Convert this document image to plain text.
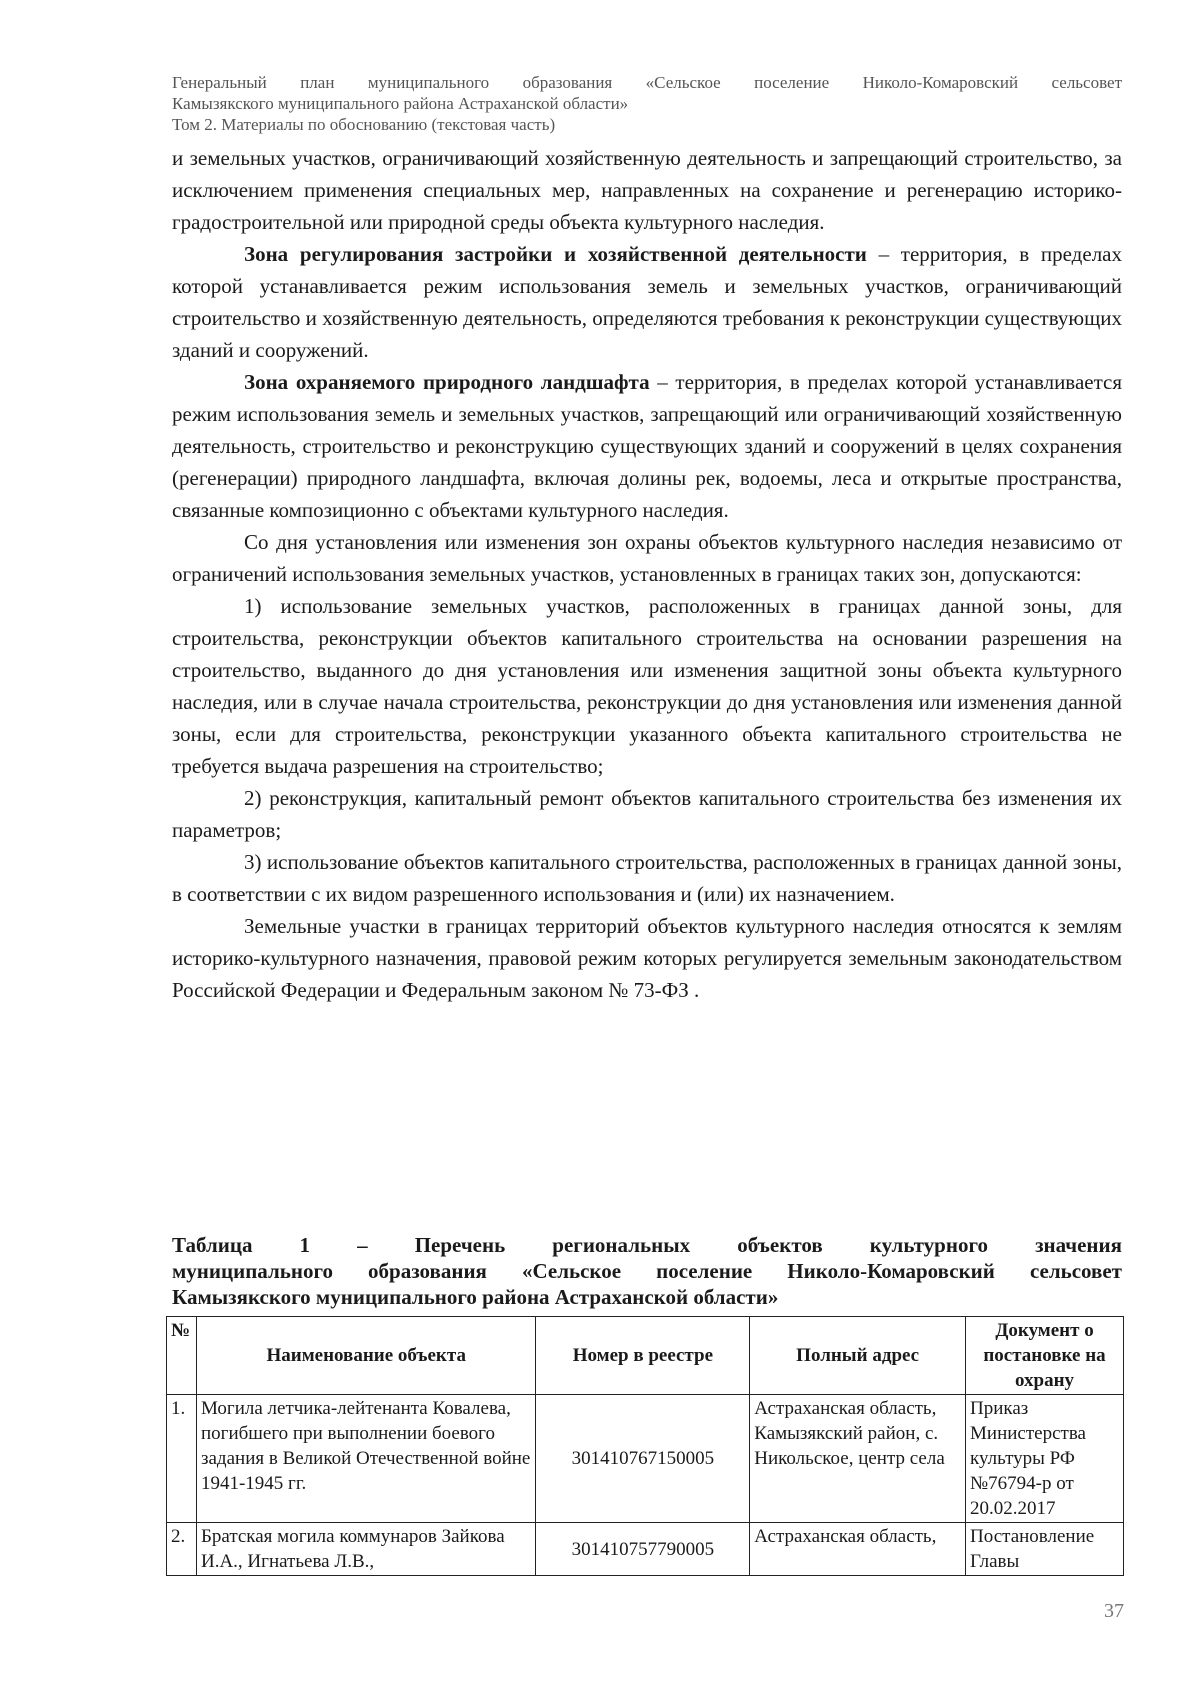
Генеральный план муниципального образования «Сельское поселение Николо-Комаровский сельсовет
Камызякского муниципального района Астраханской области»
Том 2. Материалы по обоснованию (текстовая часть)

и земельных участков, ограничивающий хозяйственную деятельность и запрещающий строительство, за исключением применения специальных мер, направленных на сохранение и регенерацию историко-градостроительной или природной среды объекта культурного наследия.

Зона регулирования застройки и хозяйственной деятельности – территория, в пределах которой устанавливается режим использования земель и земельных участков, ограничивающий строительство и хозяйственную деятельность, определяются требования к реконструкции существующих зданий и сооружений.

Зона охраняемого природного ландшафта – территория, в пределах которой устанавливается режим использования земель и земельных участков, запрещающий или ограничивающий хозяйственную деятельность, строительство и реконструкцию существующих зданий и сооружений в целях сохранения (регенерации) природного ландшафта, включая долины рек, водоемы, леса и открытые пространства, связанные композиционно с объектами культурного наследия.

Со дня установления или изменения зон охраны объектов культурного наследия независимо от ограничений использования земельных участков, установленных в границах таких зон, допускаются:

1) использование земельных участков, расположенных в границах данной зоны, для строительства, реконструкции объектов капитального строительства на основании разрешения на строительство, выданного до дня установления или изменения защитной зоны объекта культурного наследия, или в случае начала строительства, реконструкции до дня установления или изменения данной зоны, если для строительства, реконструкции указанного объекта капитального строительства не требуется выдача разрешения на строительство;

2) реконструкция, капитальный ремонт объектов капитального строительства без изменения их параметров;

3) использование объектов капитального строительства, расположенных в границах данной зоны, в соответствии с их видом разрешенного использования и (или) их назначением.

Земельные участки в границах территорий объектов культурного наследия относятся к землям историко-культурного назначения, правовой режим которых регулируется земельным законодательством Российской Федерации и Федеральным законом № 73-ФЗ .

Таблица 1 – Перечень региональных объектов культурного значения
муниципального образования «Сельское поселение Николо-Комаровский сельсовет
Камызякского муниципального района Астраханской области»
№	Наименование объекта	Номер в реестре	Полный адрес	Документ о постановке на охрану
1.	Могила летчика-лейтенанта Ковалева, погибшего при выполнении боевого задания в Великой Отечественной войне 1941-1945 гг.	301410767150005	Астраханская область, Камызякский район, с. Никольское, центр села	Приказ Министерства культуры РФ №76794-р от 20.02.2017
2.	Братская могила коммунаров Зайкова И.А., Игнатьева Л.В.,	301410757790005	Астраханская область,	Постановление Главы
37
